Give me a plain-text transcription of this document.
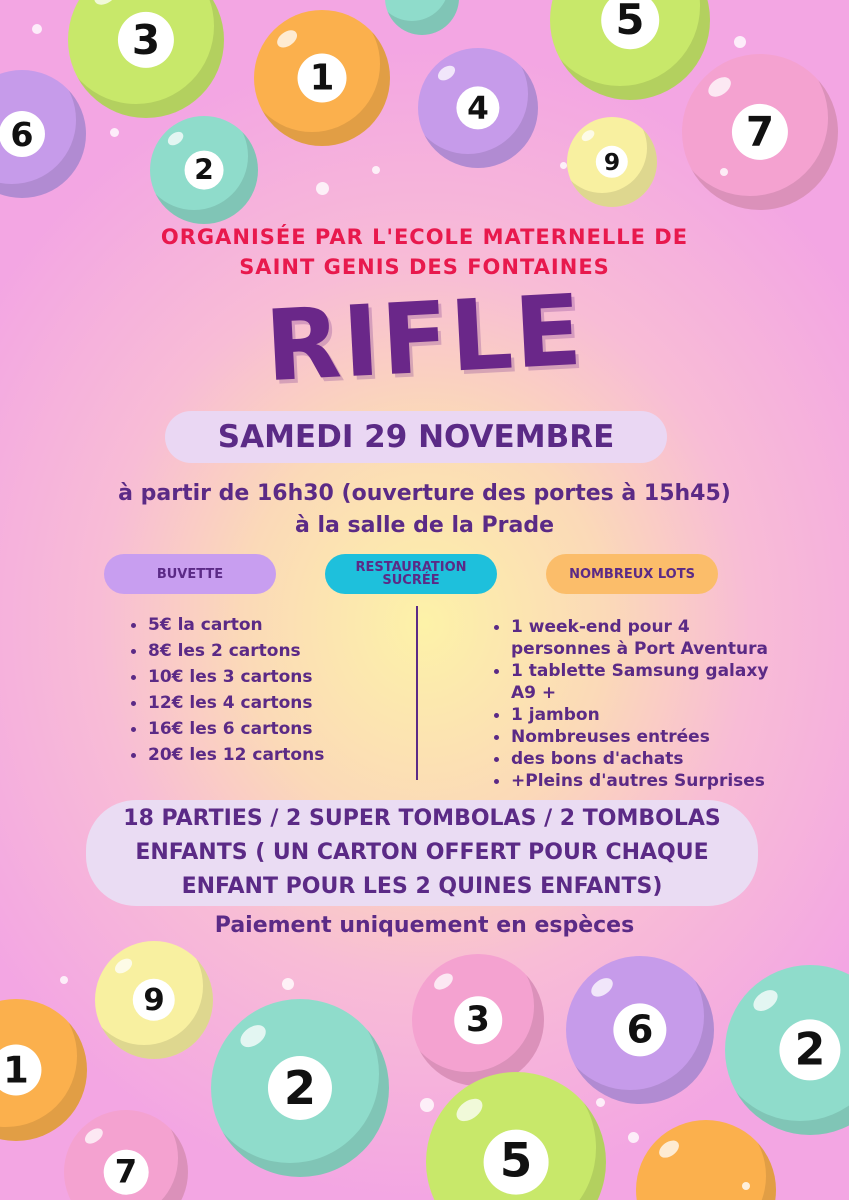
3	5
1
6
4	7
2	9
9
1	2
3	6	2
7	5
ORGANISÉE PAR L'ECOLE MATERNELLE DE
SAINT GENIS DES FONTAINES
RIFLE
SAMEDI 29 NOVEMBRE
à partir de 16h30 (ouverture des portes à 15h45)
à la salle de la Prade
BUVETTE	RESTAURATION
SUCRÉE	NOMBREUX LOTS
5€ la carton
8€ les 2 cartons
10€ les 3 cartons
12€ les 4 cartons
16€ les 6 cartons
20€ les 12 cartons
1 week-end pour 4
personnes à Port Aventura
1 tablette Samsung galaxy
A9 +
1 jambon
Nombreuses entrées
des bons d'achats
+Pleins d'autres Surprises
18 PARTIES / 2 SUPER TOMBOLAS / 2 TOMBOLAS
ENFANTS ( UN CARTON OFFERT POUR CHAQUE
ENFANT POUR LES 2 QUINES ENFANTS)
Paiement uniquement en espèces
